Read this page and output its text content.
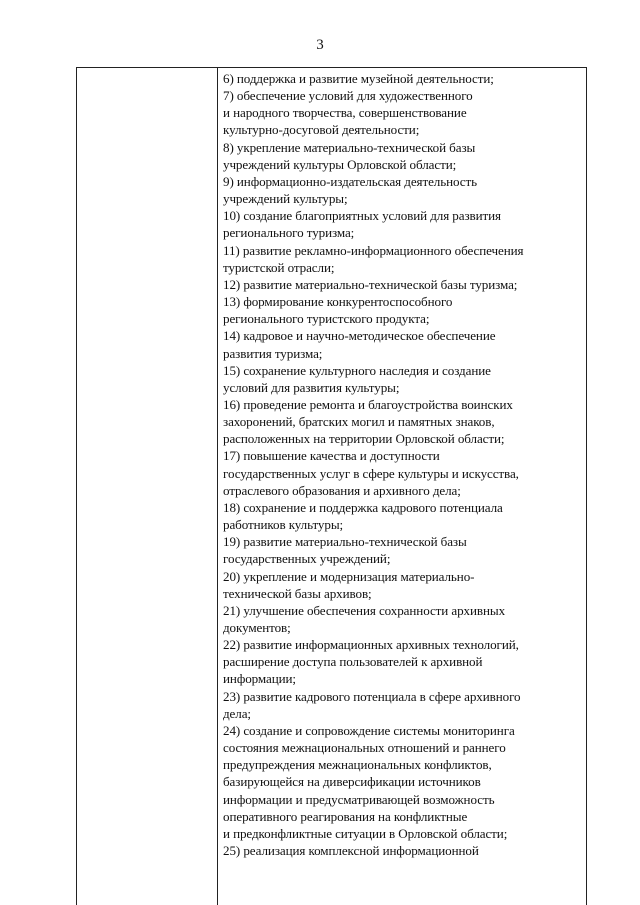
3
6) поддержка и развитие музейной деятельности;
7) обеспечение условий для художественного
и народного творчества, совершенствование
культурно-досуговой деятельности;
8) укрепление материально-технической базы
учреждений культуры Орловской области;
9) информационно-издательская деятельность
учреждений культуры;
10) создание благоприятных условий для развития
регионального туризма;
11) развитие рекламно-информационного обеспечения
туристской отрасли;
12) развитие материально-технической базы туризма;
13) формирование конкурентоспособного
регионального туристского продукта;
14) кадровое и научно-методическое обеспечение
развития туризма;
15) сохранение культурного наследия и создание
условий для развития культуры;
16) проведение ремонта и благоустройства воинских
захоронений, братских могил и памятных знаков,
расположенных на территории Орловской области;
17) повышение качества и доступности
государственных услуг в сфере культуры и искусства,
отраслевого образования и архивного дела;
18) сохранение и поддержка кадрового потенциала
работников культуры;
19) развитие материально-технической базы
государственных учреждений;
20) укрепление и модернизация материально-
технической базы архивов;
21) улучшение обеспечения сохранности архивных
документов;
22) развитие информационных архивных технологий,
расширение доступа пользователей к архивной
информации;
23) развитие кадрового потенциала в сфере архивного
дела;
24) создание и сопровождение системы мониторинга
состояния межнациональных отношений и раннего
предупреждения межнациональных конфликтов,
базирующейся на диверсификации источников
информации и предусматривающей возможность
оперативного реагирования на конфликтные
и предконфликтные ситуации в Орловской области;
25) реализация комплексной информационной
